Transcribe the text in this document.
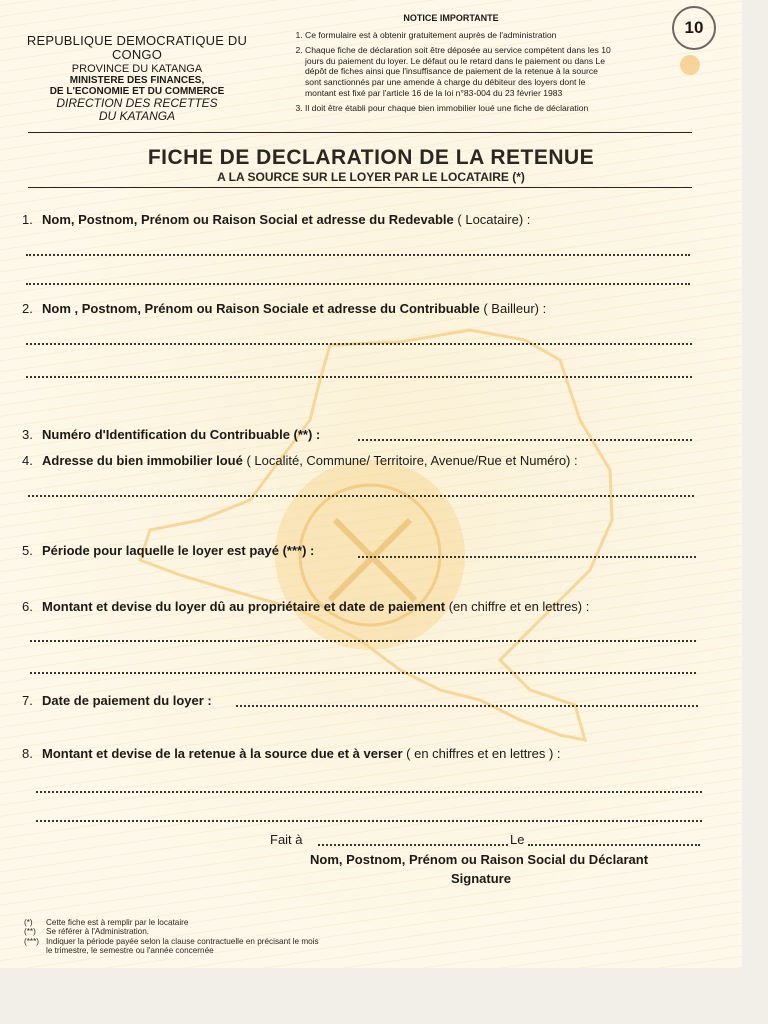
REPUBLIQUE DEMOCRATIQUE DU CONGO
PROVINCE DU KATANGA
MINISTERE DES FINANCES,
DE L'ECONOMIE ET DU COMMERCE
DIRECTION DES RECETTES
DU KATANGA
NOTICE IMPORTANTE
1. Ce formulaire est à obtenir gratuitement auprès de l'administration
2. Chaque fiche de déclaration soit être déposée au service compétent dans les 10 jours du paiement du loyer. Le défaut ou le retard dans le paiement ou dans Le dépôt de fiches ainsi que l'insuffisance de paiement de la retenue à la source sont sanctionnés par une amende à charge du débiteur des loyers dont le montant est fixé par l'article 16 de la loi n°83-004 du 23 février 1983
3. Il doit être établi pour chaque bien immobilier loué une fiche de déclaration
10
FICHE DE DECLARATION DE LA RETENUE
A LA SOURCE SUR LE LOYER PAR LE LOCATAIRE (*)
1. Nom, Postnom, Prénom ou Raison Social et adresse du Redevable ( Locataire) :
2. Nom , Postnom, Prénom ou Raison Sociale et adresse du Contribuable ( Bailleur) :
3. Numéro d'Identification du Contribuable (**) :
4. Adresse du bien immobilier loué ( Localité, Commune/ Territoire, Avenue/Rue et Numéro) :
5. Période pour laquelle le loyer est payé (***) :
6. Montant et devise du loyer dû au propriétaire et date de paiement (en chiffre et en lettres) :
7. Date de paiement du loyer :
8. Montant et devise de la retenue à la source due et à verser ( en chiffres et en lettres ) :
Fait à	Le
Nom, Postnom, Prénom ou Raison Social du Déclarant
Signature
(*) Cette fiche est à remplir par le locataire
(**) Se référer à l'Administration.
(***) Indiquer la période payée selon la clause contractuelle en précisant le mois
le trimestre, le semestre ou l'année concernée
